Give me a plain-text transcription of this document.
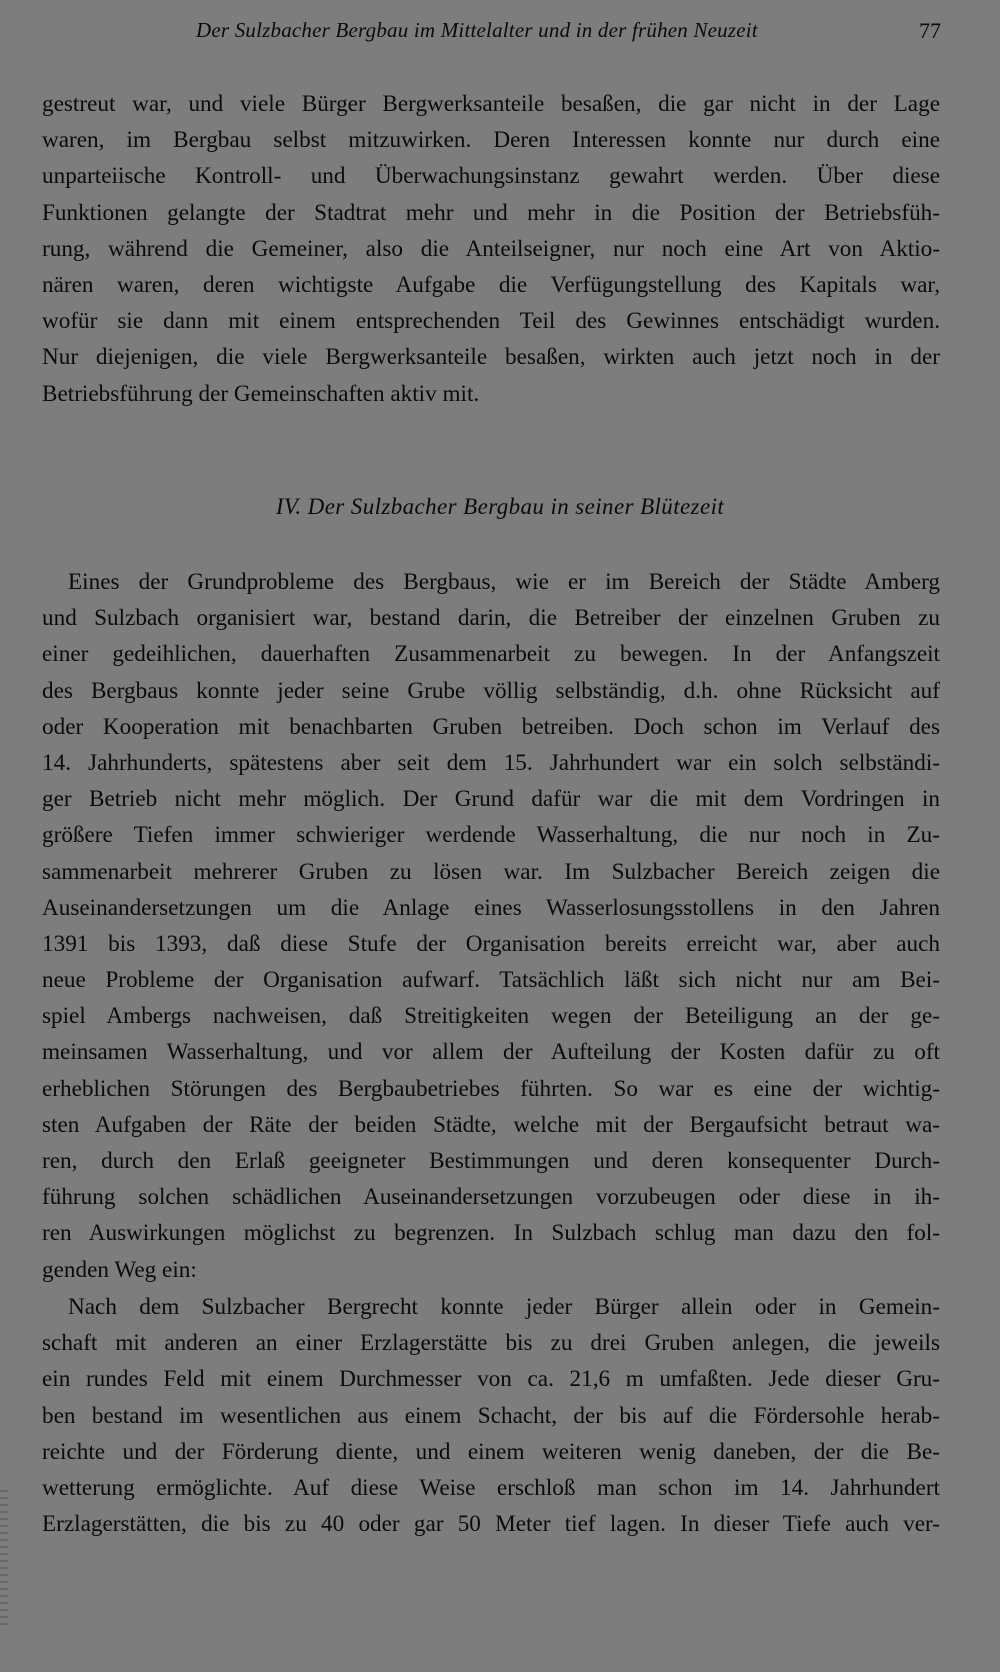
Der Sulzbacher Bergbau im Mittelalter und in der frühen Neuzeit	77
gestreut war, und viele Bürger Bergwerksanteile besaßen, die gar nicht in der Lage
waren, im Bergbau selbst mitzuwirken. Deren Interessen konnte nur durch eine
unparteiische Kontroll- und Überwachungsinstanz gewahrt werden. Über diese
Funktionen gelangte der Stadtrat mehr und mehr in die Position der Betriebsfüh-
rung, während die Gemeiner, also die Anteilseigner, nur noch eine Art von Aktio-
nären waren, deren wichtigste Aufgabe die Verfügungstellung des Kapitals war,
wofür sie dann mit einem entsprechenden Teil des Gewinnes entschädigt wurden.
Nur diejenigen, die viele Bergwerksanteile besaßen, wirkten auch jetzt noch in der
Betriebsführung der Gemeinschaften aktiv mit.
IV. Der Sulzbacher Bergbau in seiner Blütezeit
Eines der Grundprobleme des Bergbaus, wie er im Bereich der Städte Amberg
und Sulzbach organisiert war, bestand darin, die Betreiber der einzelnen Gruben zu
einer gedeihlichen, dauerhaften Zusammenarbeit zu bewegen. In der Anfangszeit
des Bergbaus konnte jeder seine Grube völlig selbständig, d.h. ohne Rücksicht auf
oder Kooperation mit benachbarten Gruben betreiben. Doch schon im Verlauf des
14. Jahrhunderts, spätestens aber seit dem 15. Jahrhundert war ein solch selbständi-
ger Betrieb nicht mehr möglich. Der Grund dafür war die mit dem Vordringen in
größere Tiefen immer schwieriger werdende Wasserhaltung, die nur noch in Zu-
sammenarbeit mehrerer Gruben zu lösen war. Im Sulzbacher Bereich zeigen die
Auseinandersetzungen um die Anlage eines Wasserlosungsstollens in den Jahren
1391 bis 1393, daß diese Stufe der Organisation bereits erreicht war, aber auch
neue Probleme der Organisation aufwarf. Tatsächlich läßt sich nicht nur am Bei-
spiel Ambergs nachweisen, daß Streitigkeiten wegen der Beteiligung an der ge-
meinsamen Wasserhaltung, und vor allem der Aufteilung der Kosten dafür zu oft
erheblichen Störungen des Bergbaubetriebes führten. So war es eine der wichtig-
sten Aufgaben der Räte der beiden Städte, welche mit der Bergaufsicht betraut wa-
ren, durch den Erlaß geeigneter Bestimmungen und deren konsequenter Durch-
führung solchen schädlichen Auseinandersetzungen vorzubeugen oder diese in ih-
ren Auswirkungen möglichst zu begrenzen. In Sulzbach schlug man dazu den fol-
genden Weg ein:
Nach dem Sulzbacher Bergrecht konnte jeder Bürger allein oder in Gemein-
schaft mit anderen an einer Erzlagerstätte bis zu drei Gruben anlegen, die jeweils
ein rundes Feld mit einem Durchmesser von ca. 21,6 m umfaßten. Jede dieser Gru-
ben bestand im wesentlichen aus einem Schacht, der bis auf die Fördersohle herab-
reichte und der Förderung diente, und einem weiteren wenig daneben, der die Be-
wetterung ermöglichte. Auf diese Weise erschloß man schon im 14. Jahrhundert
Erzlagerstätten, die bis zu 40 oder gar 50 Meter tief lagen. In dieser Tiefe auch ver-
